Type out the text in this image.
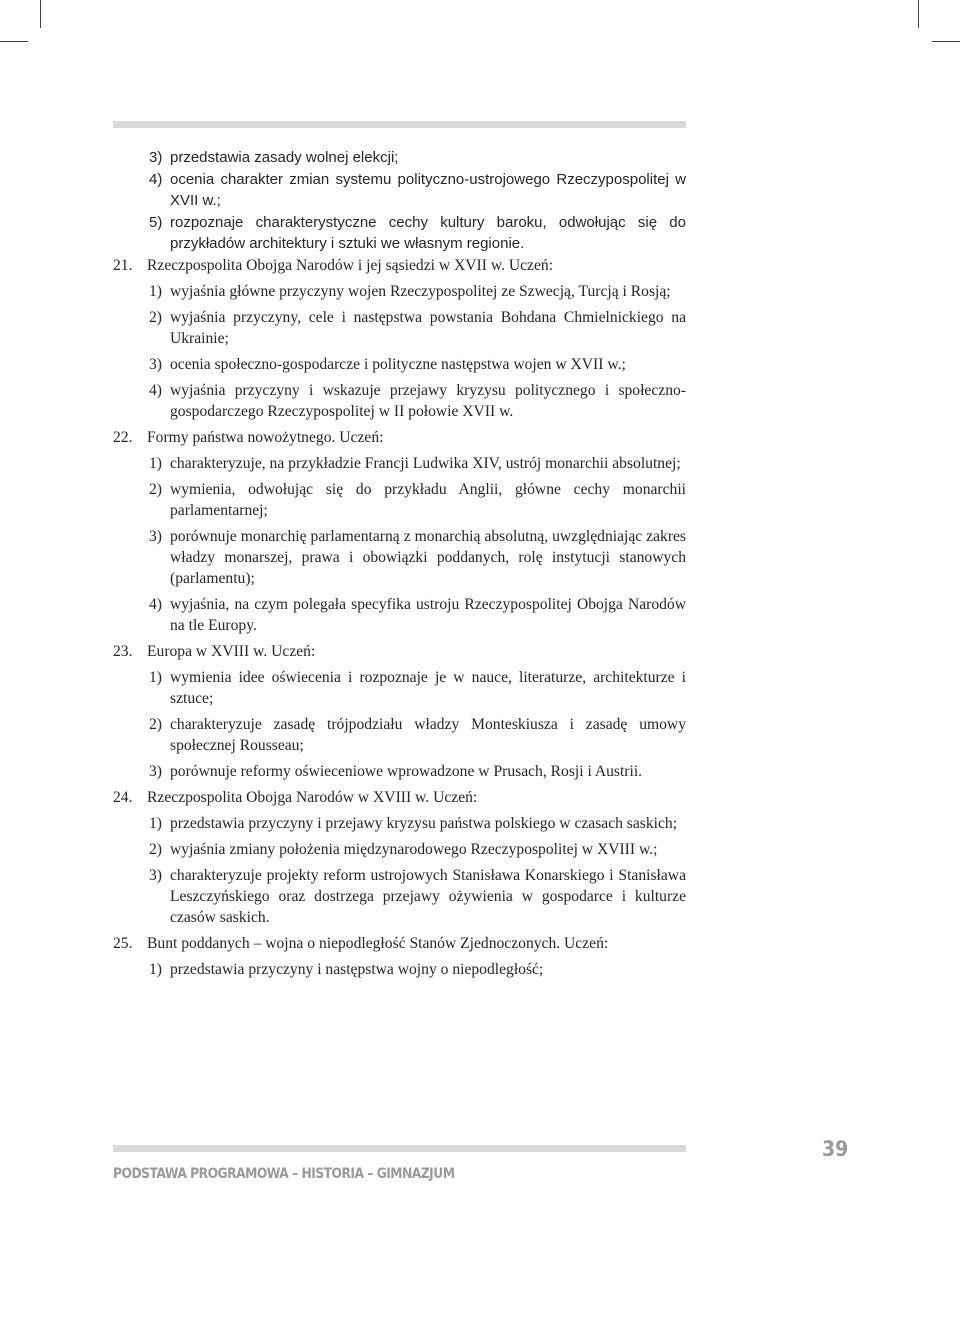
3) przedstawia zasady wolnej elekcji;
4) ocenia charakter zmian systemu polityczno-ustrojowego Rzeczypospolitej w XVII w.;
5) rozpoznaje charakterystyczne cechy kultury baroku, odwołując się do przykładów architektury i sztuki we własnym regionie.
21. Rzeczpospolita Obojga Narodów i jej sąsiedzi w XVII w. Uczeń:
1) wyjaśnia główne przyczyny wojen Rzeczypospolitej ze Szwecją, Turcją i Rosją;
2) wyjaśnia przyczyny, cele i następstwa powstania Bohdana Chmielnickiego na Ukrainie;
3) ocenia społeczno-gospodarcze i polityczne następstwa wojen w XVII w.;
4) wyjaśnia przyczyny i wskazuje przejawy kryzysu politycznego i społeczno-gospodarczego Rzeczypospolitej w II połowie XVII w.
22. Formy państwa nowożytnego. Uczeń:
1) charakteryzuje, na przykładzie Francji Ludwika XIV, ustrój monarchii absolutnej;
2) wymienia, odwołując się do przykładu Anglii, główne cechy monarchii parlamentarnej;
3) porównuje monarchię parlamentarną z monarchią absolutną, uwzględniając zakres władzy monarszej, prawa i obowiązki poddanych, rolę instytucji stanowych (parlamentu);
4) wyjaśnia, na czym polegała specyfika ustroju Rzeczypospolitej Obojga Narodów na tle Europy.
23. Europa w XVIII w. Uczeń:
1) wymienia idee oświecenia i rozpoznaje je w nauce, literaturze, architekturze i sztuce;
2) charakteryzuje zasadę trójpodziału władzy Monteskiusza i zasadę umowy społecznej Rousseau;
3) porównuje reformy oświeceniowe wprowadzone w Prusach, Rosji i Austrii.
24. Rzeczpospolita Obojga Narodów w XVIII w. Uczeń:
1) przedstawia przyczyny i przejawy kryzysu państwa polskiego w czasach saskich;
2) wyjaśnia zmiany położenia międzynarodowego Rzeczypospolitej w XVIII w.;
3) charakteryzuje projekty reform ustrojowych Stanisława Konarskiego i Stanisława Leszczyńskiego oraz dostrzega przejawy ożywienia w gospodarce i kulturze czasów saskich.
25. Bunt poddanych – wojna o niepodległość Stanów Zjednoczonych. Uczeń:
1) przedstawia przyczyny i następstwa wojny o niepodległość;
PODSTAWA PROGRAMOWA – HISTORIA – GIMNAZJUM
39
